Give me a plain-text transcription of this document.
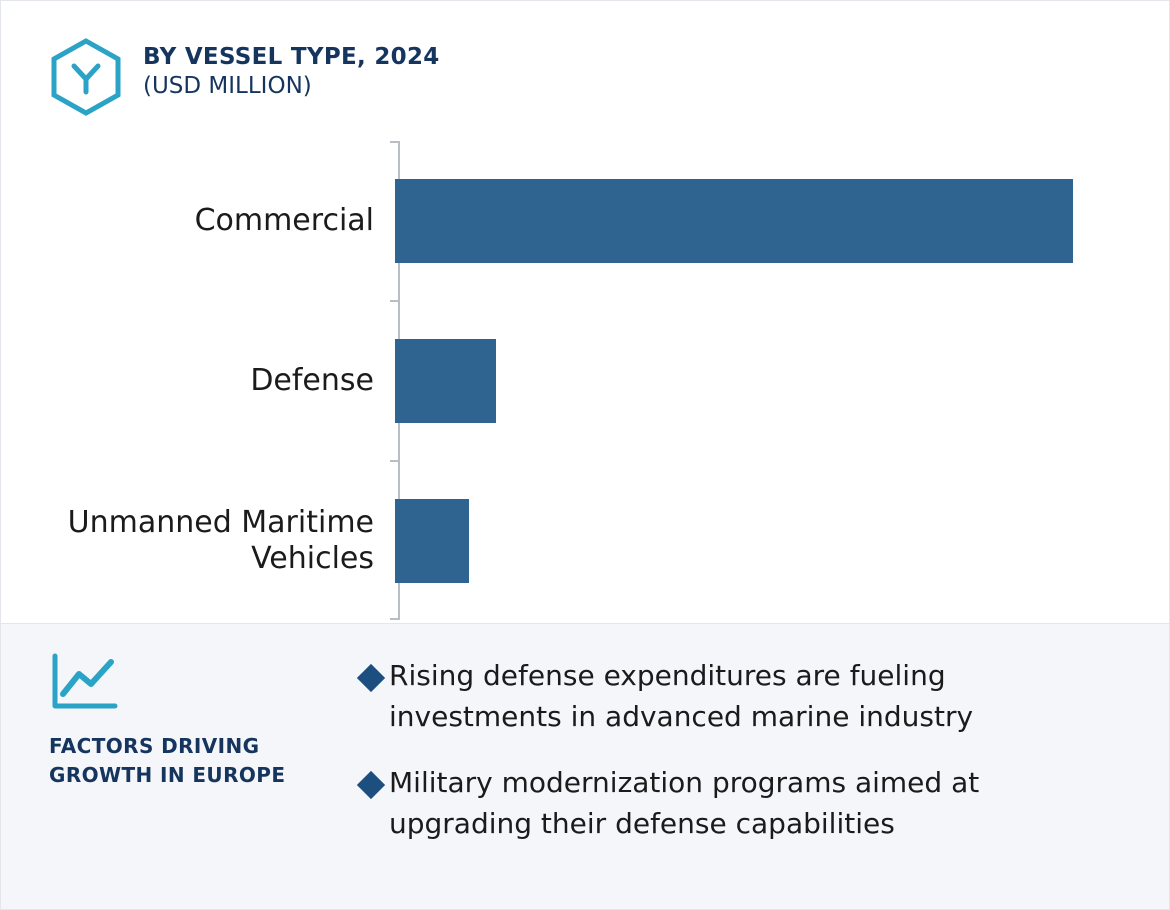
BY VESSEL TYPE, 2024
(USD MILLION)
Commercial
Defense
Unmanned Maritime Vehicles
FACTORS DRIVING GROWTH IN EUROPE
Rising defense expenditures are fueling investments in advanced marine industry
Military modernization programs aimed at upgrading their defense capabilities
